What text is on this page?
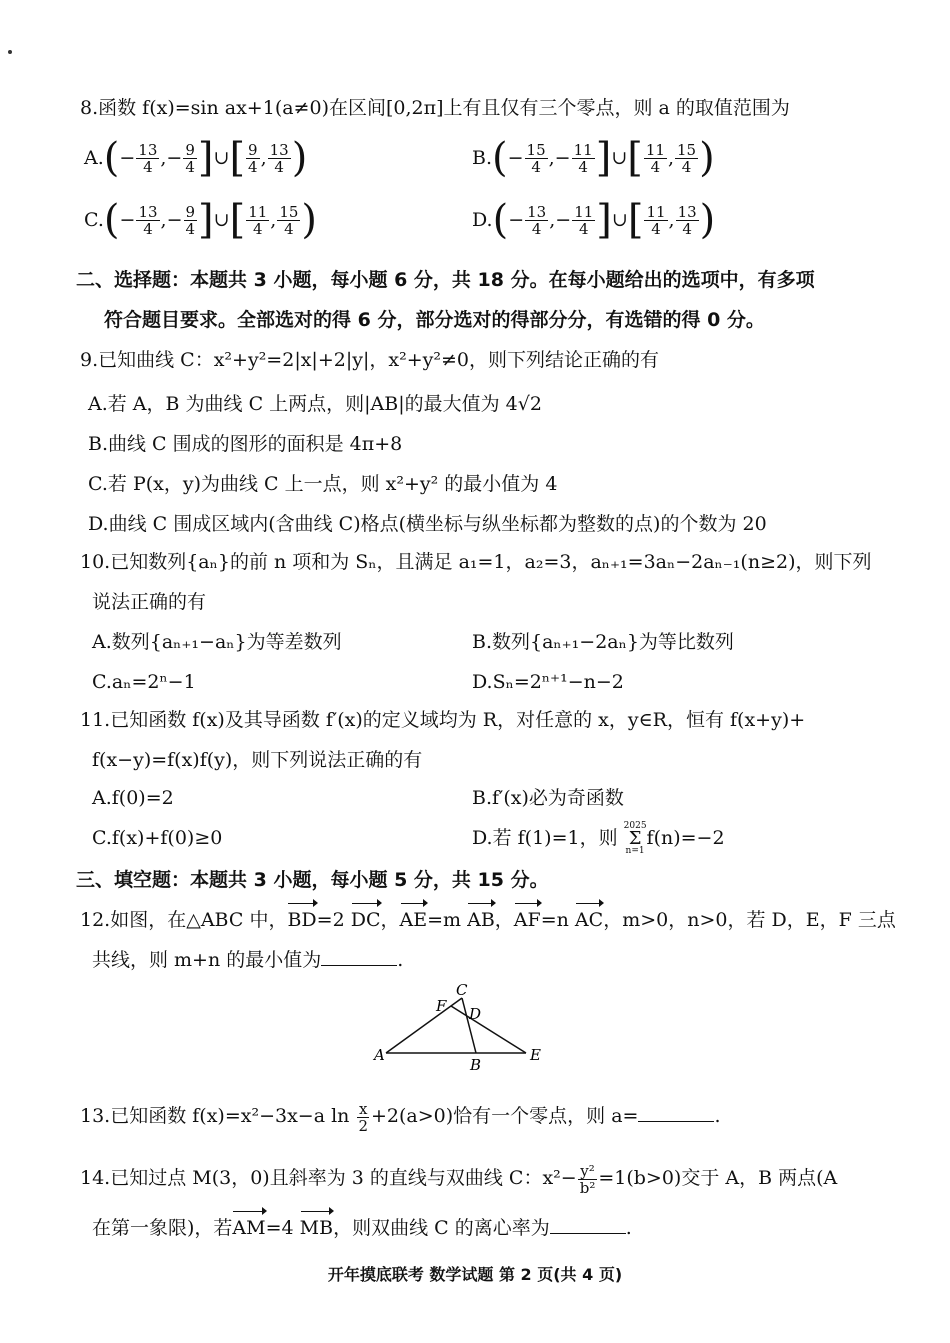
8.函数 f(x)=sin ax+1(a≠0)在区间[0,2π]上有且仅有三个零点，则 a 的取值范围为
A. ( − $\frac{13}{4}$ ,− $\frac{9}{4}$ ] ∪ [ $\frac{9}{4}$ , $\frac{13}{4}$ )	B. ( − $\frac{15}{4}$ ,− $\frac{11}{4}$ ] ∪ [ $\frac{11}{4}$ , $\frac{15}{4}$ )
C. ( − $\frac{13}{4}$ ,− $\frac{9}{4}$ ] ∪ [ $\frac{11}{4}$ , $\frac{15}{4}$ )	D. ( − $\frac{13}{4}$ ,− $\frac{11}{4}$ ] ∪ [ $\frac{11}{4}$ , $\frac{13}{4}$ )
二、选择题：本题共 3 小题，每小题 6 分，共 18 分。在每小题给出的选项中，有多项
符合题目要求。全部选对的得 6 分，部分选对的得部分分，有选错的得 0 分。
9.已知曲线 C：x²+y²=2|x|+2|y|，x²+y²≠0，则下列结论正确的有
A.若 A，B 为曲线 C 上两点，则|AB|的最大值为 4√2
B.曲线 C 围成的图形的面积是 4π+8
C.若 P(x，y)为曲线 C 上一点，则 x²+y² 的最小值为 4
D.曲线 C 围成区域内(含曲线 C)格点(横坐标与纵坐标都为整数的点)的个数为 20
10.已知数列{aₙ}的前 n 项和为 Sₙ，且满足 a₁=1，a₂=3，aₙ₊₁=3aₙ−2aₙ₋₁(n≥2)，则下列
说法正确的有
A.数列{aₙ₊₁−aₙ}为等差数列	B.数列{aₙ₊₁−2aₙ}为等比数列
C.aₙ=2ⁿ−1	D.Sₙ=2ⁿ⁺¹−n−2
11.已知函数 f(x)及其导函数 f′(x)的定义域均为 R，对任意的 x，y∈R，恒有 f(x+y)+
f(x−y)=f(x)f(y)，则下列说法正确的有
A.f(0)=2	B.f′(x)必为奇函数
C.f(x)+f(0)≥0	D.若 f(1)=1，则
2025
Σ
n=1
f(n)=−2
三、填空题：本题共 3 小题，每小题 5 分，共 15 分。
12.如图，在△ABC 中，BD=2 DC，AE=m AB，AF=n AC，m>0，n>0，若 D，E，F 三点
共线，则 m+n 的最小值为	.
A
B
C
D
E
F
13.已知函数 f(x)=x²−3x−a $\ln \frac{x}{2} +2(a>0)$恰有一个零点，则 a=	.
14.已知过点 M(3，0)且斜率为 3 的直线与双曲线 C：$x^2- \frac{\text{y²}}{\text{b²}} =1(b>0)$交于 A，B 两点(A
在第一象限)，若AM=4 MB，则双曲线 C 的离心率为	.
开年摸底联考 数学试题 第 2 页(共 4 页)
